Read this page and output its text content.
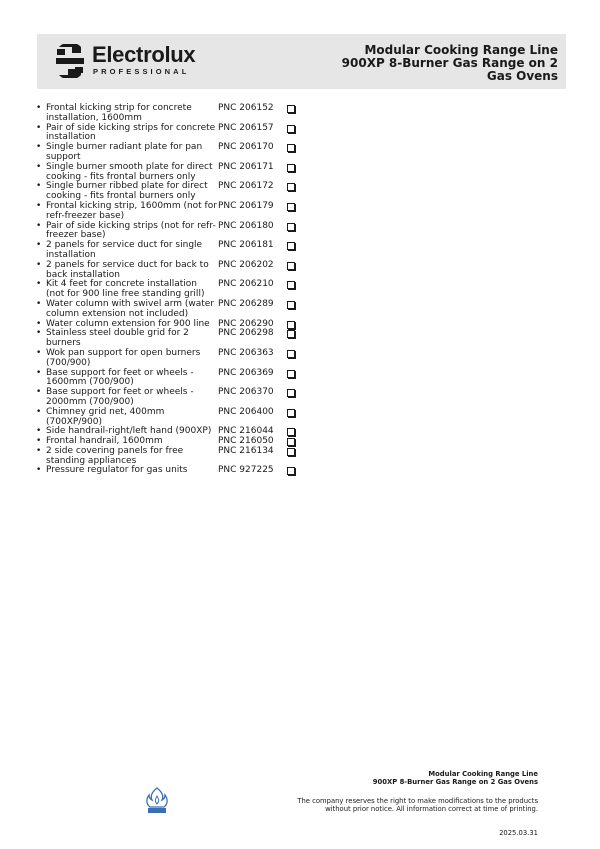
Electrolux
PROFESSIONAL
Modular Cooking Range Line
900XP 8-Burner Gas Range on 2
Gas Ovens
• Frontal kicking strip for concrete installation, 1600mm
PNC 206152
• Pair of side kicking strips for concrete installation
PNC 206157
• Single burner radiant plate for pan support
PNC 206170
• Single burner smooth plate for direct cooking - fits frontal burners only
PNC 206171
• Single burner ribbed plate for direct cooking - fits frontal burners only
PNC 206172
• Frontal kicking strip, 1600mm (not for refr-freezer base)
PNC 206179
• Pair of side kicking strips (not for refr-freezer base)
PNC 206180
• 2 panels for service duct for single installation
PNC 206181
• 2 panels for service duct for back to back installation
PNC 206202
• Kit 4 feet for concrete installation (not for 900 line free standing grill)
PNC 206210
• Water column with swivel arm (water column extension not included)
PNC 206289
• Water column extension for 900 line PNC 206290
• Stainless steel double grid for 2 burners
PNC 206298
• Wok pan support for open burners (700/900)
PNC 206363
• Base support for feet or wheels - 1600mm (700/900)
PNC 206369
• Base support for feet or wheels - 2000mm (700/900)
PNC 206370
• Chimney grid net, 400mm (700XP/900)
PNC 206400
• Side handrail-right/left hand (900XP) PNC 216044
• Frontal handrail, 1600mm	PNC 216050
• 2 side covering panels for free standing appliances
PNC 216134
• Pressure regulator for gas units	PNC 927225
Modular Cooking Range Line
900XP 8-Burner Gas Range on 2 Gas Ovens
The company reserves the right to make modifications to the products
without prior notice. All information correct at time of printing.
2025.03.31
